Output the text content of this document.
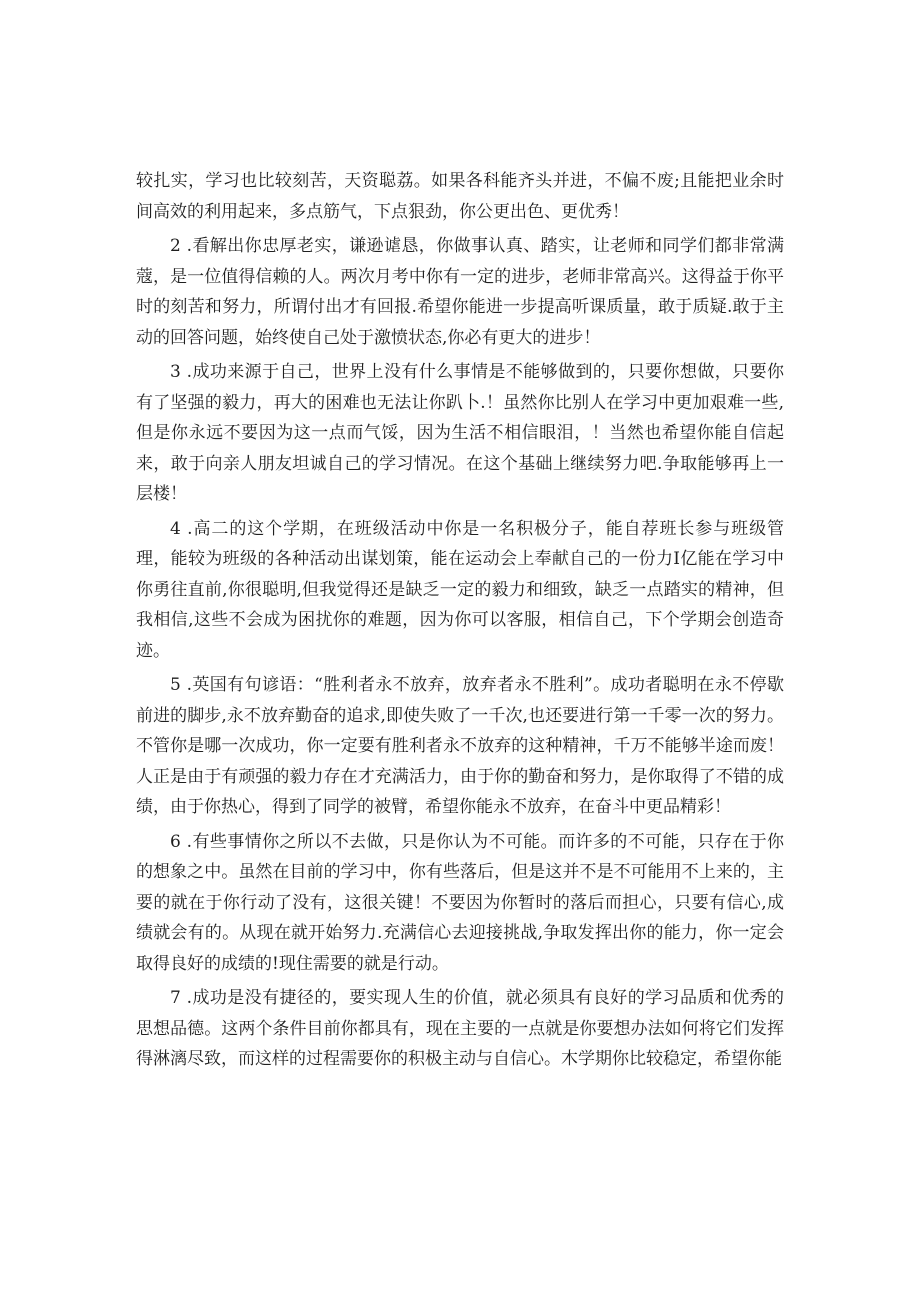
较扎实，学习也比较刻苦，天资聪荔。如果各科能齐头并进，不偏不废;且能把业余时间高效的利用起来，多点筋气，下点狠劲，你公更出色、更优秀！

2 .看解出你忠厚老实，谦逊谑恳，你做事认真、踏实，让老师和同学们都非常满蔻，是一位值得信赖的人。两次月考中你有一定的进步，老师非常高兴。这得益于你平时的刻苦和努力，所谓付出才有回报.希望你能进一步提高听课质量，敢于质疑.敢于主动的回答问题，始终使自己处于激愤状态,你必有更大的进步！

3 .成功来源于自己，世界上没有什么事情是不能够做到的，只要你想做，只要你有了坚强的毅力，再大的困难也无法让你趴卜.！虽然你比别人在学习中更加艰难一些,但是你永远不要因为这一点而气馁，因为生活不相信眼泪，！当然也希望你能自信起来，敢于向亲人朋友坦诚自己的学习情况。在这个基础上继续努力吧.争取能够再上一层楼！

4 .高二的这个学期，在班级活动中你是一名积极分子，能自荐班长参与班级管理，能较为班级的各种活动出谋划策，能在运动会上奉献自己的一份力I亿能在学习中你勇往直前,你很聪明,但我觉得还是缺乏一定的毅力和细致，缺乏一点踏实的精神，但我相信,这些不会成为困扰你的难题，因为你可以客服，相信自己，下个学期会创造奇迹。

5 .英国有句谚语：“胜利者永不放弃，放弃者永不胜利”。成功者聪明在永不停歇前进的脚步,永不放弃勤奋的追求,即使失败了一千次,也还要进行第一千零一次的努力。不管你是哪一次成功，你一定要有胜利者永不放弃的这种精神，千万不能够半途而废！人正是由于有顽强的毅力存在才充满活力，由于你的勤奋和努力，是你取得了不错的成绩，由于你热心，得到了同学的被臂，希望你能永不放弃，在奋斗中更品精彩！

6 .有些事情你之所以不去做，只是你认为不可能。而许多的不可能，只存在于你的想象之中。虽然在目前的学习中，你有些落后，但是这并不是不可能用不上来的，主要的就在于你行动了没有，这很关键！不要因为你暂时的落后而担心，只要有信心,成绩就会有的。从现在就开始努力.充满信心去迎接挑战,争取发挥出你的能力，你一定会取得良好的成绩的!现住需要的就是行动。

7 .成功是没有捷径的，要实现人生的价值，就必须具有良好的学习品质和优秀的思想品德。这两个条件目前你都具有，现在主要的一点就是你要想办法如何将它们发挥得淋漓尽致，而这样的过程需要你的积极主动与自信心。木学期你比较稳定，希望你能
